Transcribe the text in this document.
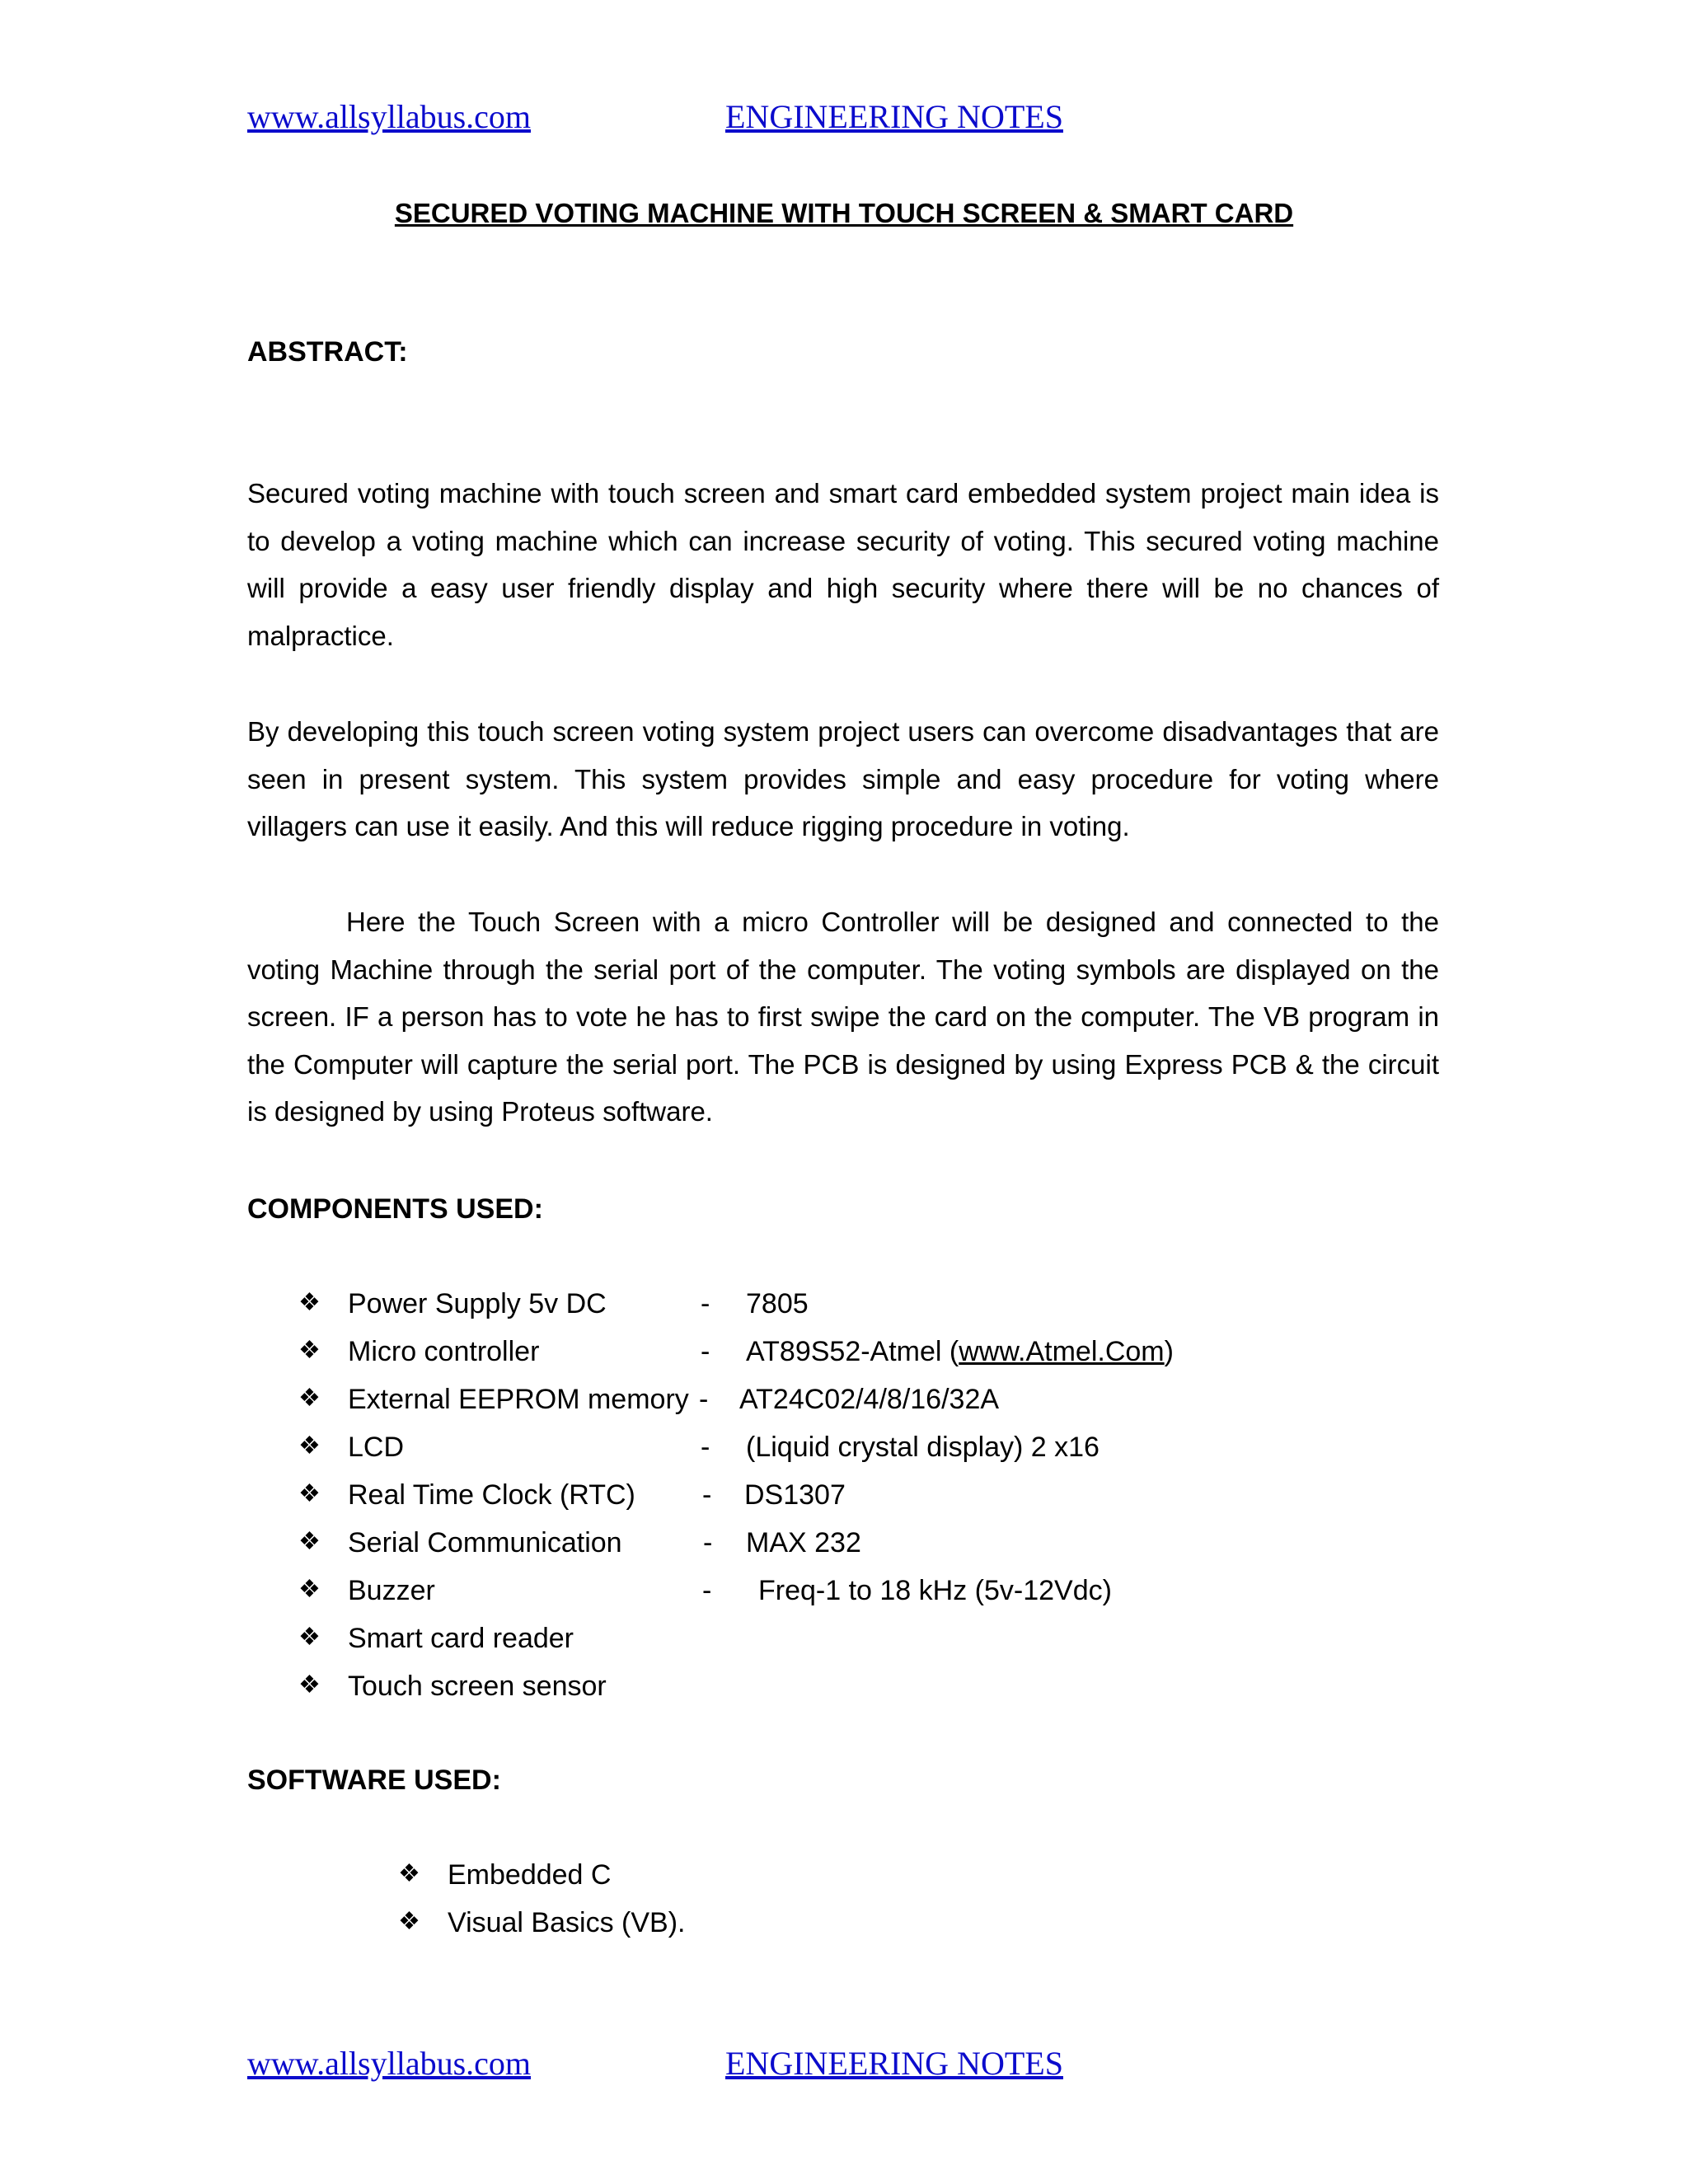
www.allsyllabus.com	ENGINEERING NOTES
SECURED VOTING MACHINE WITH TOUCH SCREEN & SMART CARD
ABSTRACT:

Secured voting machine with touch screen and smart card embedded system project main idea is to develop a voting machine which can increase security of voting. This secured voting machine will provide a easy user friendly display and high security where there will be no chances of malpractice.

By developing this touch screen voting system project users can overcome disadvantages that are seen in present system. This system provides simple and easy procedure for voting where villagers can use it easily. And this will reduce rigging procedure in voting.

Here the Touch Screen with a micro Controller will be designed and connected to the voting Machine through the serial port of the computer. The voting symbols are displayed on the screen. IF a person has to vote he has to first swipe the card on the computer. The VB program in the Computer will capture the serial port. The PCB is designed by using Express PCB & the circuit is designed by using Proteus software.

COMPONENTS USED:
❖ Power Supply 5v DC	- 7805
❖ Micro controller	- AT89S52-Atmel (www.Atmel.Com)
❖ External EEPROM memory - AT24C02/4/8/16/32A
❖ LCD	- (Liquid crystal display) 2 x16
❖ Real Time Clock (RTC) - DS1307
❖ Serial Communication	- MAX 232
❖ Buzzer	- Freq-1 to 18 kHz (5v-12Vdc)
❖ Smart card reader
❖ Touch screen sensor
SOFTWARE USED:
❖ Embedded C
❖ Visual Basics (VB).
www.allsyllabus.com	ENGINEERING NOTES
